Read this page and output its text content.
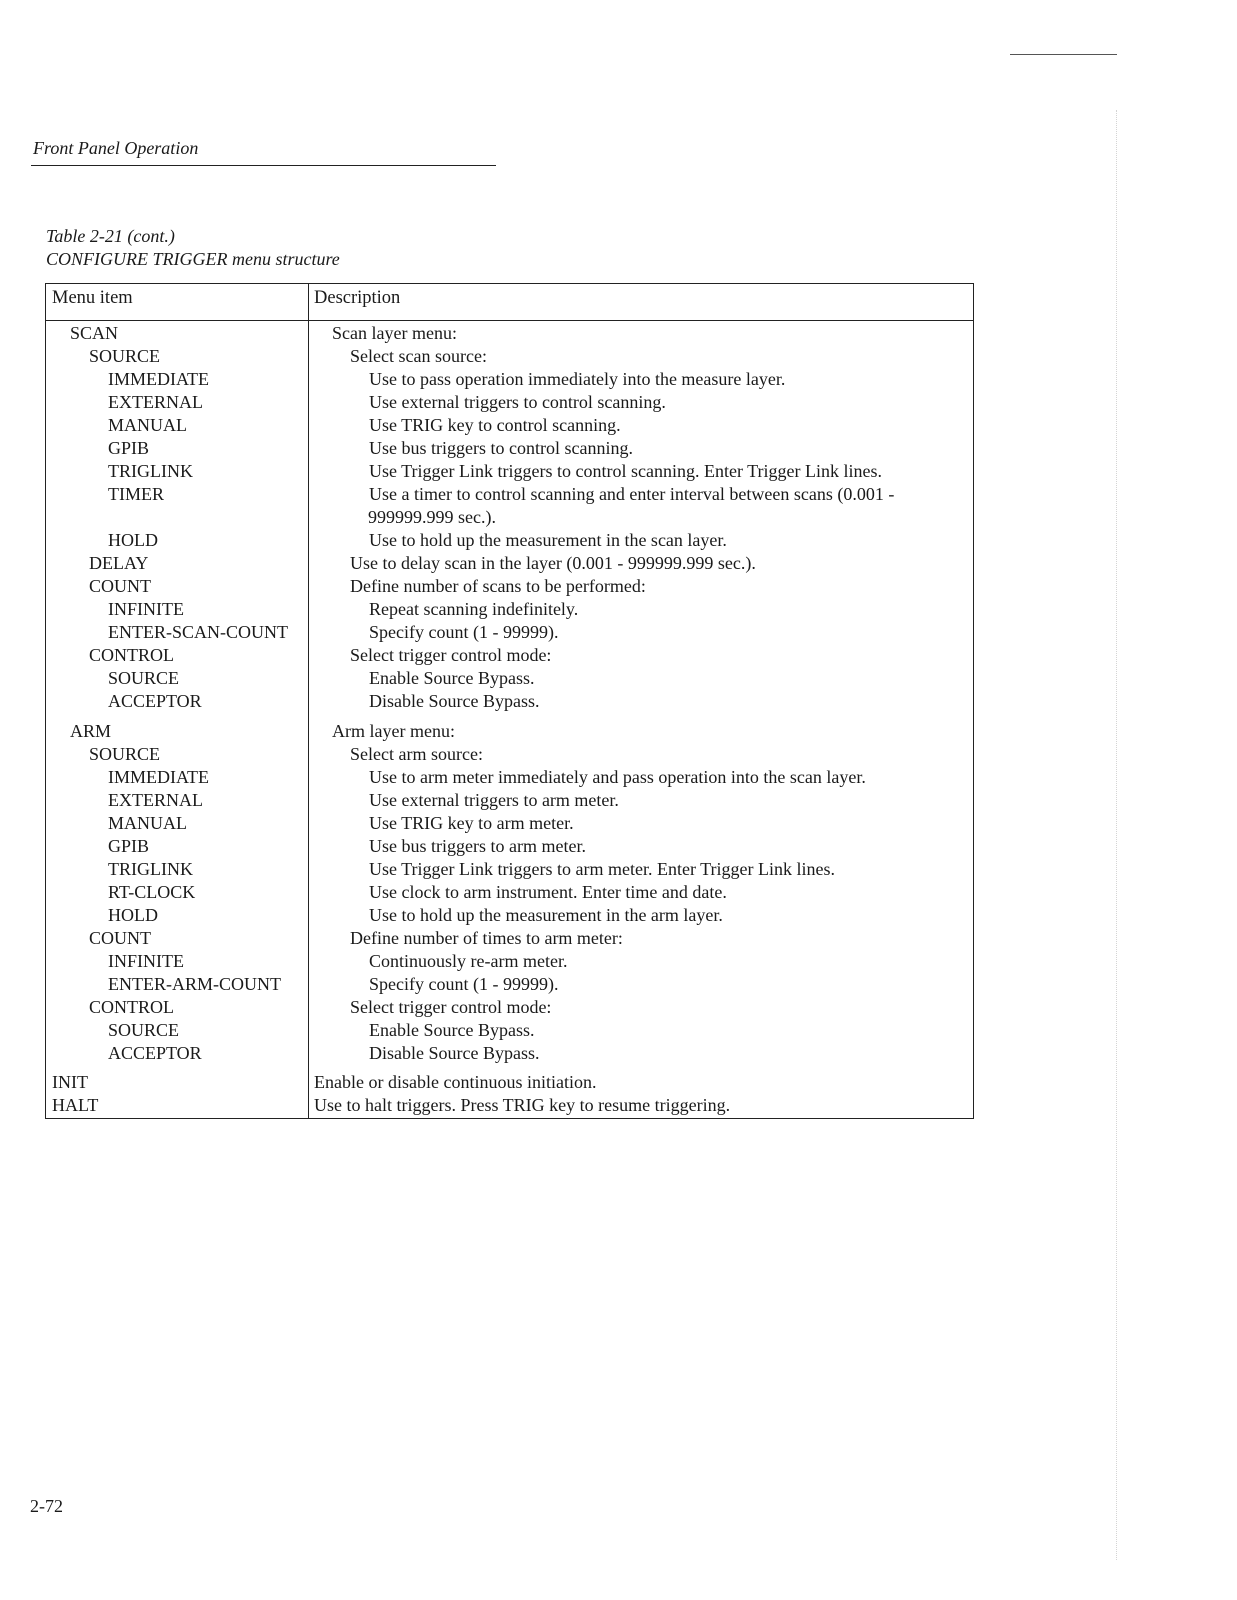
Front Panel Operation
Table 2-21 (cont.)
CONFIGURE TRIGGER menu structure
Menu item	Description
SCAN	Scan layer menu:
SOURCE	Select scan source:
IMMEDIATE	Use to pass operation immediately into the measure layer.
EXTERNAL	Use external triggers to control scanning.
MANUAL	Use TRIG key to control scanning.
GPIB	Use bus triggers to control scanning.
TRIGLINK	Use Trigger Link triggers to control scanning. Enter Trigger Link lines.
TIMER	Use a timer to control scanning and enter interval between scans (0.001 -
999999.999 sec.).
HOLD	Use to hold up the measurement in the scan layer.
DELAY	Use to delay scan in the layer (0.001 - 999999.999 sec.).
COUNT	Define number of scans to be performed:
INFINITE	Repeat scanning indefinitely.
ENTER-SCAN-COUNT	Specify count (1 - 99999).
CONTROL	Select trigger control mode:
SOURCE	Enable Source Bypass.
ACCEPTOR	Disable Source Bypass.
ARM	Arm layer menu:
SOURCE	Select arm source:
IMMEDIATE	Use to arm meter immediately and pass operation into the scan layer.
EXTERNAL	Use external triggers to arm meter.
MANUAL	Use TRIG key to arm meter.
GPIB	Use bus triggers to arm meter.
TRIGLINK	Use Trigger Link triggers to arm meter. Enter Trigger Link lines.
RT-CLOCK	Use clock to arm instrument. Enter time and date.
HOLD	Use to hold up the measurement in the arm layer.
COUNT	Define number of times to arm meter:
INFINITE	Continuously re-arm meter.
ENTER-ARM-COUNT	Specify count (1 - 99999).
CONTROL	Select trigger control mode:
SOURCE	Enable Source Bypass.
ACCEPTOR	Disable Source Bypass.
INIT	Enable or disable continuous initiation.
HALT	Use to halt triggers. Press TRIG key to resume triggering.
2-72
